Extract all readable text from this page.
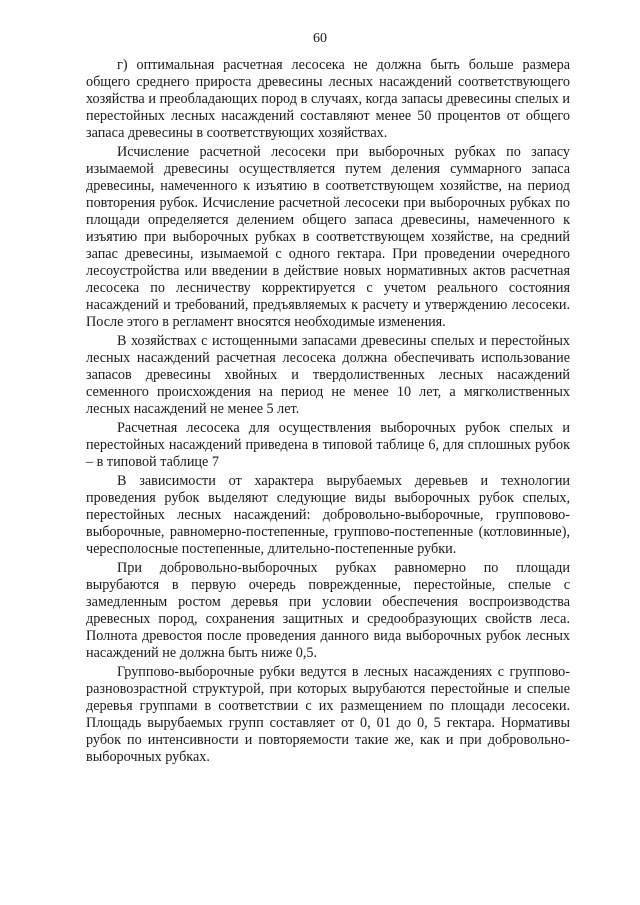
60

г) оптимальная расчетная лесосека не должна быть больше размера общего среднего прироста древесины лесных насаждений соответствующего хозяйства и преобладающих пород в случаях, когда запасы древесины спелых и перестойных лесных насаждений составляют менее 50 процентов от общего запаса древесины в соответствующих хозяйствах.

Исчисление расчетной лесосеки при выборочных рубках по запасу изымаемой древесины осуществляется путем деления суммарного запаса древесины, намеченного к изъятию в соответствующем хозяйстве, на период повторения рубок. Исчисление расчетной лесосеки при выборочных рубках по площади определяется делением общего запаса древесины, намеченного к изъятию при выборочных рубках в соответствующем хозяйстве, на средний запас древесины, изымаемой с одного гектара. При проведении очередного лесоустройства или введении в действие новых нормативных актов расчетная лесосека по лесничеству корректируется с учетом реального состояния насаждений и требований, предъявляемых к расчету и утверждению лесосеки. После этого в регламент вносятся необходимые изменения.

В хозяйствах с истощенными запасами древесины спелых и перестойных лесных насаждений расчетная лесосека должна обеспечивать использование запасов древесины хвойных и твердолиственных лесных насаждений семенного происхождения на период не менее 10 лет, а мягколиственных лесных насаждений не менее 5 лет.

Расчетная лесосека для осуществления выборочных рубок спелых и перестойных насаждений приведена в типовой таблице 6, для сплошных рубок – в типовой таблице 7

В зависимости от характера вырубаемых деревьев и технологии проведения рубок выделяют следующие виды выборочных рубок спелых, перестойных лесных насаждений: добровольно-выборочные, групповово-выборочные, равномерно-постепенные, группово-постепенные (котловинные), чересполосные постепенные, длительно-постепенные рубки.

При добровольно-выборочных рубках равномерно по площади вырубаются в первую очередь поврежденные, перестойные, спелые с замедленным ростом деревья при условии обеспечения воспроизводства древесных пород, сохранения защитных и средообразующих свойств леса. Полнота древостоя после проведения данного вида выборочных рубок лесных насаждений не должна быть ниже 0,5.

Группово-выборочные рубки ведутся в лесных насаждениях с группово-разновозрастной структурой, при которых вырубаются перестойные и спелые деревья группами в соответствии с их размещением по площади лесосеки. Площадь вырубаемых групп составляет от 0, 01 до 0, 5 гектара. Нормативы рубок по интенсивности и повторяемости такие же, как и при добровольно-выборочных рубках.
